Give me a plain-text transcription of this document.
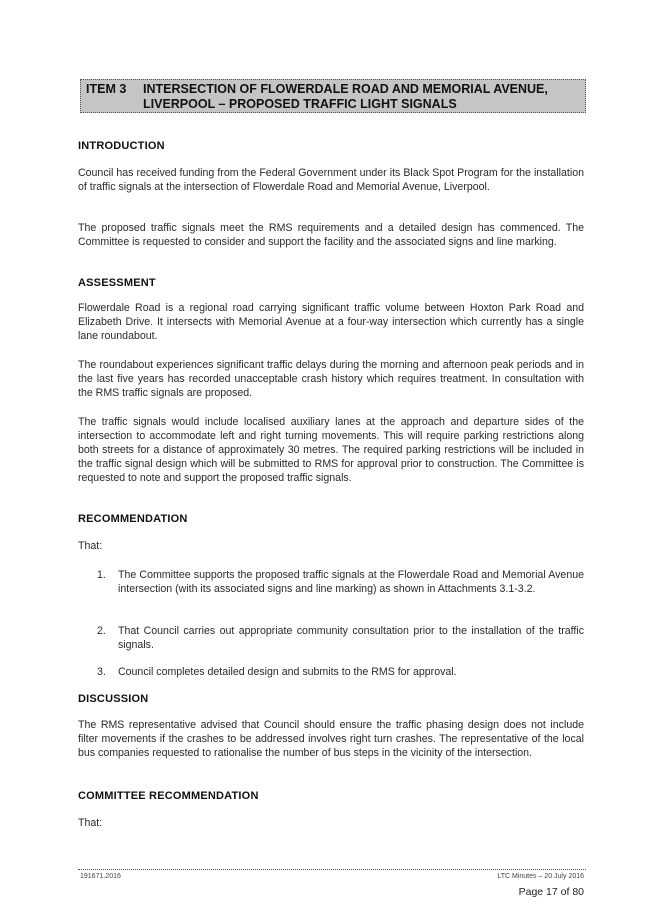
ITEM 3 INTERSECTION OF FLOWERDALE ROAD AND MEMORIAL AVENUE,
LIVERPOOL – PROPOSED TRAFFIC LIGHT SIGNALS
INTRODUCTION

Council has received funding from the Federal Government under its Black Spot Program for the installation of traffic signals at the intersection of Flowerdale Road and Memorial Avenue, Liverpool.

The proposed traffic signals meet the RMS requirements and a detailed design has commenced. The Committee is requested to consider and support the facility and the associated signs and line marking.

ASSESSMENT

Flowerdale Road is a regional road carrying significant traffic volume between Hoxton Park Road and Elizabeth Drive. It intersects with Memorial Avenue at a four-way intersection which currently has a single lane roundabout.

The roundabout experiences significant traffic delays during the morning and afternoon peak periods and in the last five years has recorded unacceptable crash history which requires treatment. In consultation with the RMS traffic signals are proposed.

The traffic signals would include localised auxiliary lanes at the approach and departure sides of the intersection to accommodate left and right turning movements. This will require parking restrictions along both streets for a distance of approximately 30 metres. The required parking restrictions will be included in the traffic signal design which will be submitted to RMS for approval prior to construction. The Committee is requested to note and support the proposed traffic signals.

RECOMMENDATION

That:

1. The Committee supports the proposed traffic signals at the Flowerdale Road and Memorial Avenue intersection (with its associated signs and line marking) as shown in Attachments 3.1-3.2.
2. That Council carries out appropriate community consultation prior to the installation of the traffic signals.
3. Council completes detailed design and submits to the RMS for approval.
DISCUSSION

The RMS representative advised that Council should ensure the traffic phasing design does not include filter movements if the crashes to be addressed involves right turn crashes. The representative of the local bus companies requested to rationalise the number of bus steps in the vicinity of the intersection.

COMMITTEE RECOMMENDATION

That:

191671.2016	LTC Minutes – 20 July 2016
Page 17 of 80
